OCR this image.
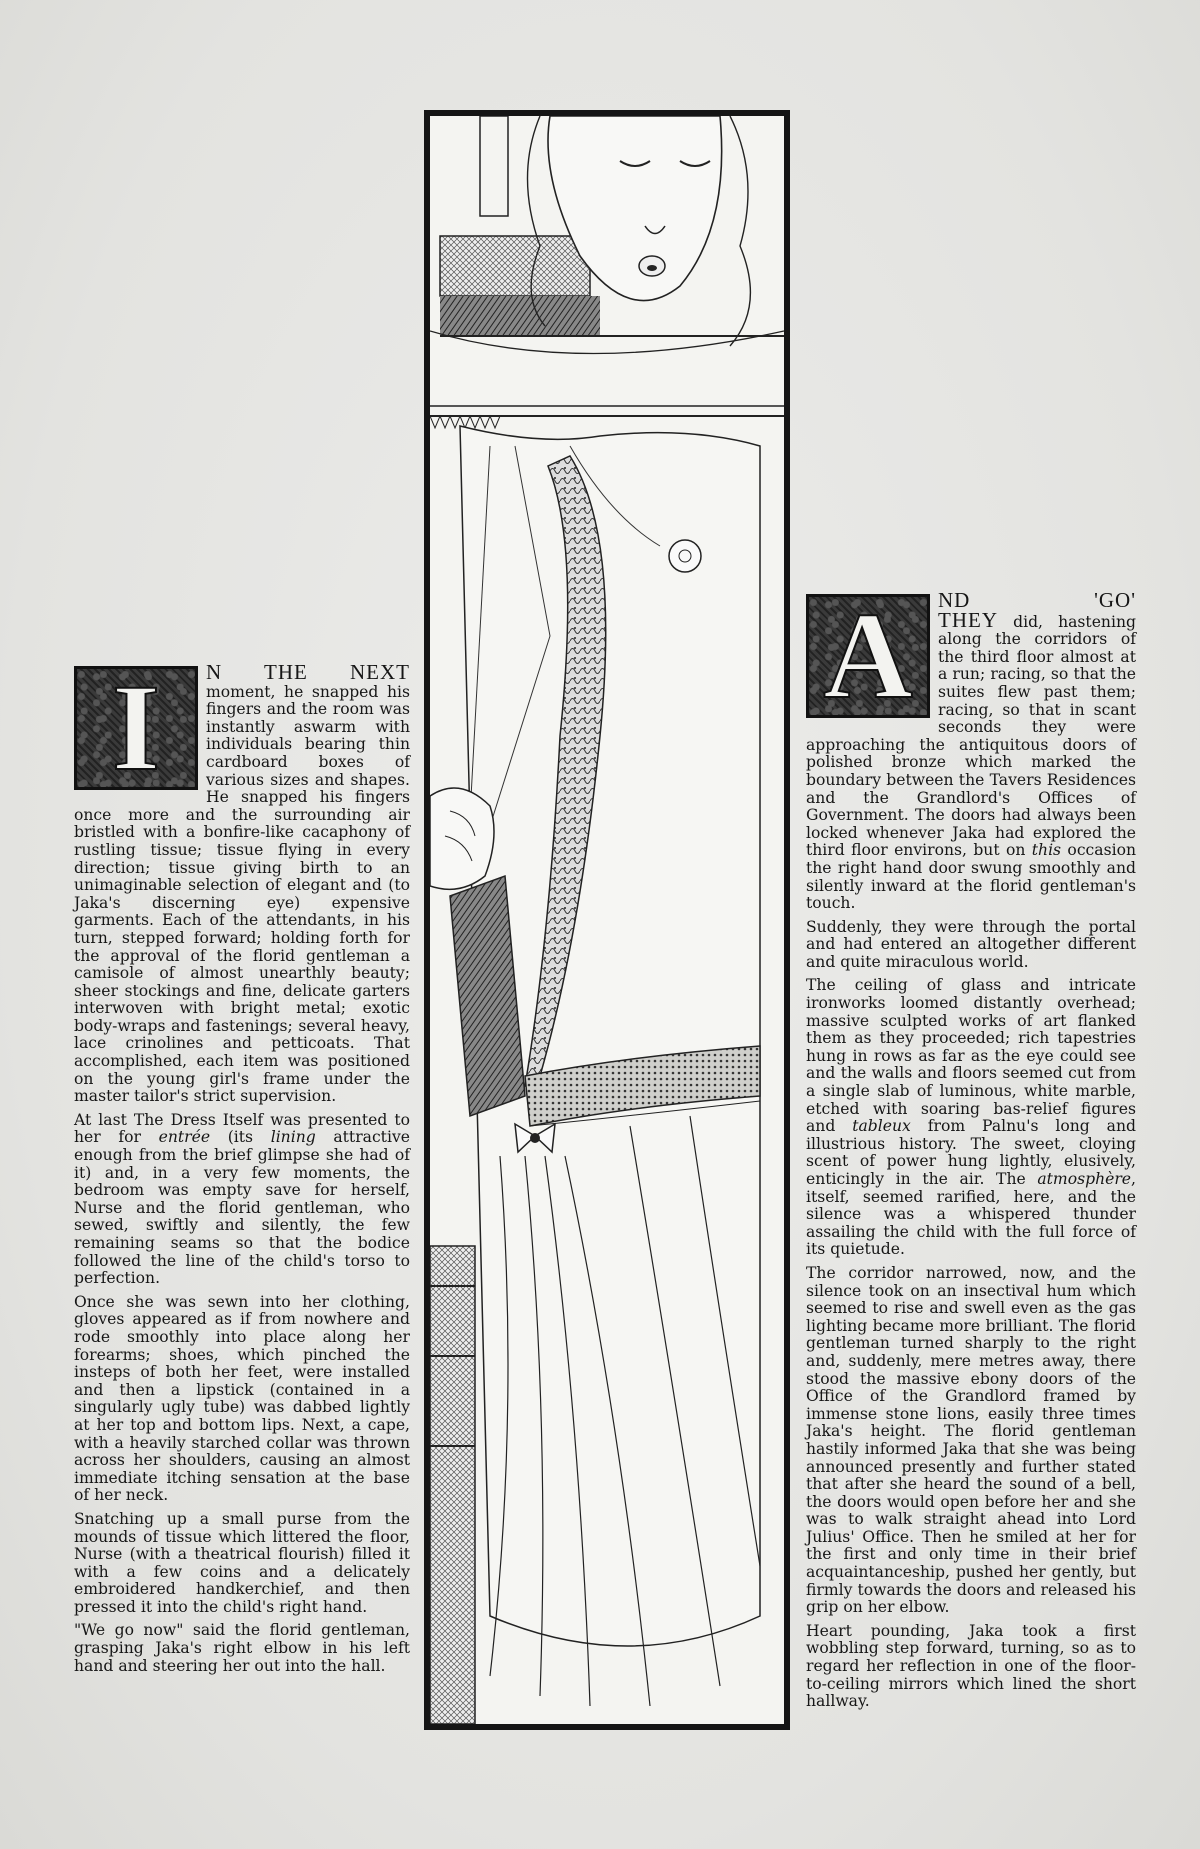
I	N THE NEXT moment, he snapped his fingers and the room was instantly aswarm with individuals bearing thin cardboard boxes of various sizes and shapes. He snapped his fingers once more and the surrounding air bristled with a bonfire-like cacaphony of rustling tissue; tissue flying in every direction; tissue giving birth to an unimaginable selection of elegant and (to Jaka's discerning eye) expensive garments. Each of the attendants, in his turn, stepped forward; holding forth for the approval of the florid gentleman a camisole of almost unearthly beauty; sheer stockings and fine, delicate garters interwoven with bright metal; exotic body-wraps and fastenings; several heavy, lace crinolines and petticoats. That accomplished, each item was positioned on the young girl's frame under the master tailor's strict supervision.

At last The Dress Itself was presented to her for entrée (its lining attractive enough from the brief glimpse she had of it) and, in a very few moments, the bedroom was empty save for herself, Nurse and the florid gentleman, who sewed, swiftly and silently, the few remaining seams so that the bodice followed the line of the child's torso to perfection.

Once she was sewn into her clothing, gloves appeared as if from nowhere and rode smoothly into place along her forearms; shoes, which pinched the insteps of both her feet, were installed and then a lipstick (contained in a singularly ugly tube) was dabbed lightly at her top and bottom lips. Next, a cape, with a heavily starched collar was thrown across her shoulders, causing an almost immediate itching sensation at the base of her neck.

Snatching up a small purse from the mounds of tissue which littered the floor, Nurse (with a theatrical flourish) filled it with a few coins and a delicately embroidered handkerchief, and then pressed it into the child's right hand.

"We go now" said the florid gentleman, grasping Jaka's right elbow in his left hand and steering her out into the hall.

A	ND 'GO' THEY did, hastening along the corridors of the third floor almost at a run; racing, so that the suites flew past them; racing, so that in scant seconds they were approaching the antiquitous doors of polished bronze which marked the boundary between the Tavers Residences and the Grandlord's Offices of Government. The doors had always been locked whenever Jaka had explored the third floor environs, but on this occasion the right hand door swung smoothly and silently inward at the florid gentleman's touch.

Suddenly, they were through the portal and had entered an altogether different and quite miraculous world.

The ceiling of glass and intricate ironworks loomed distantly overhead; massive sculpted works of art flanked them as they proceeded; rich tapestries hung in rows as far as the eye could see and the walls and floors seemed cut from a single slab of luminous, white marble, etched with soaring bas-relief figures and tableux from Palnu's long and illustrious history. The sweet, cloying scent of power hung lightly, elusively, enticingly in the air. The atmosphère, itself, seemed rarified, here, and the silence was a whispered thunder assailing the child with the full force of its quietude.

The corridor narrowed, now, and the silence took on an insectival hum which seemed to rise and swell even as the gas lighting became more brilliant. The florid gentleman turned sharply to the right and, suddenly, mere metres away, there stood the massive ebony doors of the Office of the Grandlord framed by immense stone lions, easily three times Jaka's height. The florid gentleman hastily informed Jaka that she was being announced presently and further stated that after she heard the sound of a bell, the doors would open before her and she was to walk straight ahead into Lord Julius' Office. Then he smiled at her for the first and only time in their brief acquaintanceship, pushed her gently, but firmly towards the doors and released his grip on her elbow.

Heart pounding, Jaka took a first wobbling step forward, turning, so as to regard her reflection in one of the floor-to-ceiling mirrors which lined the short hallway.
